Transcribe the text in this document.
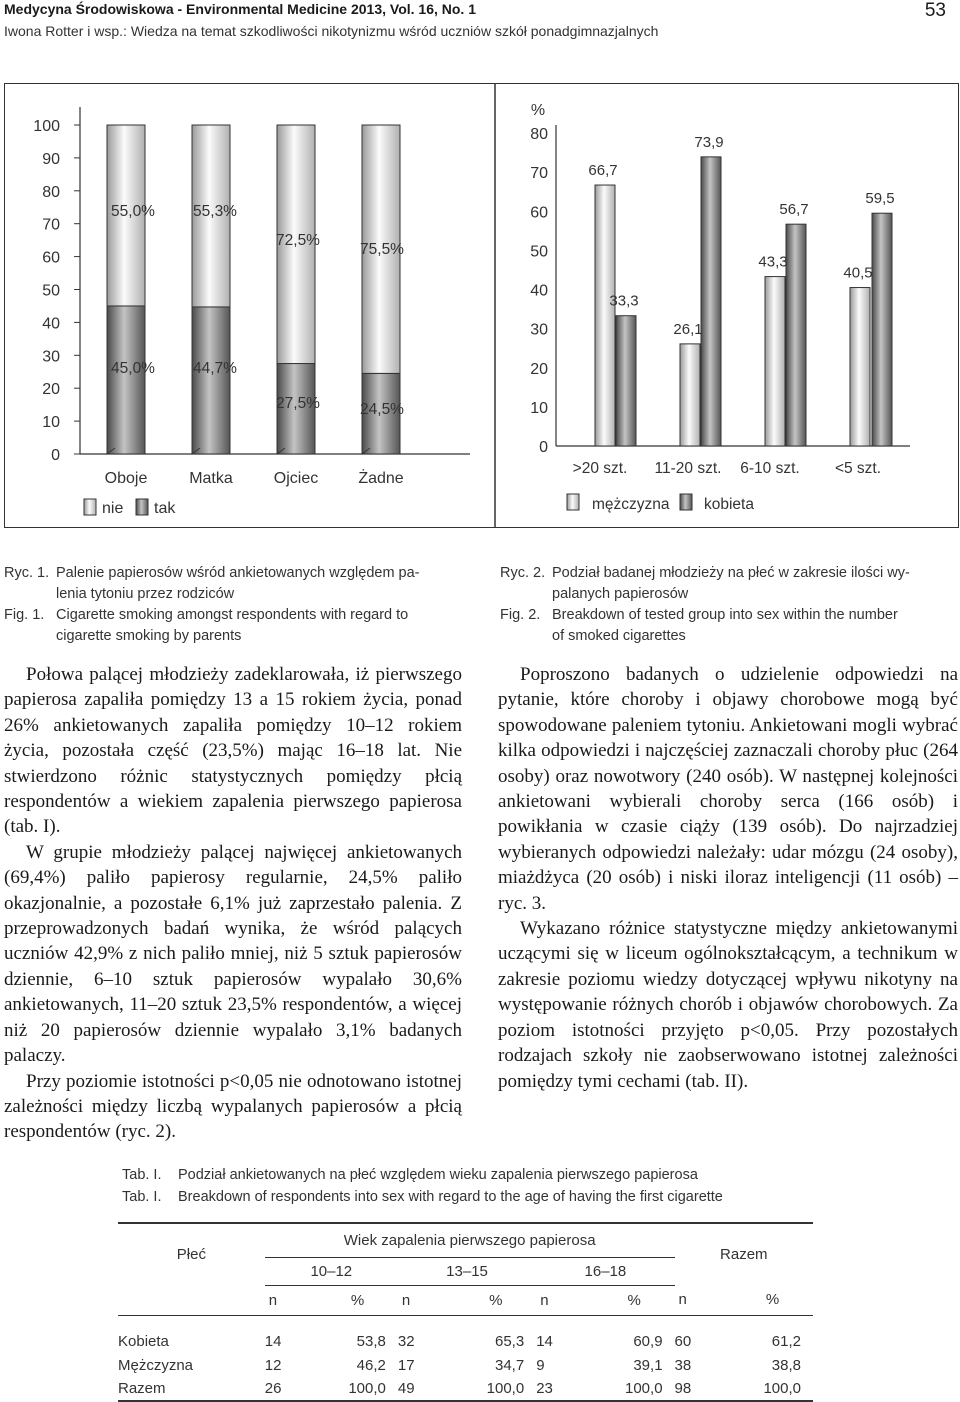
Medycyna Środowiskowa - Environmental Medicine 2013, Vol. 16, No. 1
Iwona Rotter i wsp.: Wiedza na temat szkodliwości nikotynizmu wśród uczniów szkół ponadgimnazjalnych
53
0
10
20
30
40
50
60
70
80
90
100
Oboje	Matka	Ojciec	Żadne
55,0% 55,3%
72,5%
75,5%
45,0% 44,7%
27,5%	24,5%
nie tak
%
0
10
20
30
40
50
60
70
80
66,7
33,3
26,1
73,9
43,3
56,7
40,5
59,5
>20 szt. 11-20 szt. 6-10 szt. <5 szt.
mężczyzna kobieta
Ryc. 1. Palenie papierosów wśród ankietowanych względem pa-
lenia tytoniu przez rodziców
Fig. 1. Cigarette smoking amongst respondents with regard to
cigarette smoking by parents
Ryc. 2. Podział badanej młodzieży na płeć w zakresie ilości wy-
palanych papierosów
Fig. 2. Breakdown of tested group into sex within the number
of smoked cigarettes

Połowa palącej młodzieży zadeklarowała, iż pierwszego papierosa zapaliła pomiędzy 13 a 15 rokiem życia, ponad 26% ankietowanych zapaliła pomiędzy 10–12 rokiem życia, pozostała część (23,5%) mając 16–18 lat. Nie stwierdzono różnic statystycznych pomiędzy płcią respondentów a wiekiem zapalenia pierwszego papierosa (tab. I).

W grupie młodzieży palącej najwięcej ankietowanych (69,4%) paliło papierosy regularnie, 24,5% paliło okazjonalnie, a pozostałe 6,1% już zaprzestało palenia. Z przeprowadzonych badań wynika, że wśród palących uczniów 42,9% z nich paliło mniej, niż 5 sztuk papierosów dziennie, 6–10 sztuk papierosów wypalało 30,6% ankietowanych, 11–20 sztuk 23,5% respondentów, a więcej niż 20 papierosów dziennie wypalało 3,1% badanych palaczy.

Przy poziomie istotności p<0,05 nie odnotowano istotnej zależności między liczbą wypalanych papierosów a płcią respondentów (ryc. 2).

Poproszono badanych o udzielenie odpowiedzi na pytanie, które choroby i objawy chorobowe mogą być spowodowane paleniem tytoniu. Ankietowani mogli wybrać kilka odpowiedzi i najczęściej zaznaczali choroby płuc (264 osoby) oraz nowotwory (240 osób). W następnej kolejności ankietowani wybierali choroby serca (166 osób) i powikłania w czasie ciąży (139 osób). Do najrzadziej wybieranych odpowiedzi należały: udar mózgu (24 osoby), miażdżyca (20 osób) i niski iloraz inteligencji (11 osób) – ryc. 3.

Wykazano różnice statystyczne między ankietowanymi uczącymi się w liceum ogólnokształcącym, a technikum w zakresie poziomu wiedzy dotyczącej wpływu nikotyny na występowanie różnych chorób i objawów chorobowych. Za poziom istotności przyjęto p<0,05. Przy pozostałych rodzajach szkoły nie zaobserwowano istotnej zależności pomiędzy tymi cechami (tab. II).

Tab. I. Podział ankietowanych na płeć względem wieku zapalenia pierwszego papierosa
Tab. I. Breakdown of respondents into sex with regard to the age of having the first cigarette
Płeć	Wiek zapalenia pierwszego papierosa						Razem	
	10–12		13–15		16–18			
	n	%	n	%	n	%	n	%

Kobieta	14	53,8	32	65,3	14	60,9	60	61,2
Mężczyzna	12	46,2	17	34,7	9	39,1	38	38,8
Razem	26	100,0	49	100,0	23	100,0	98	100,0
